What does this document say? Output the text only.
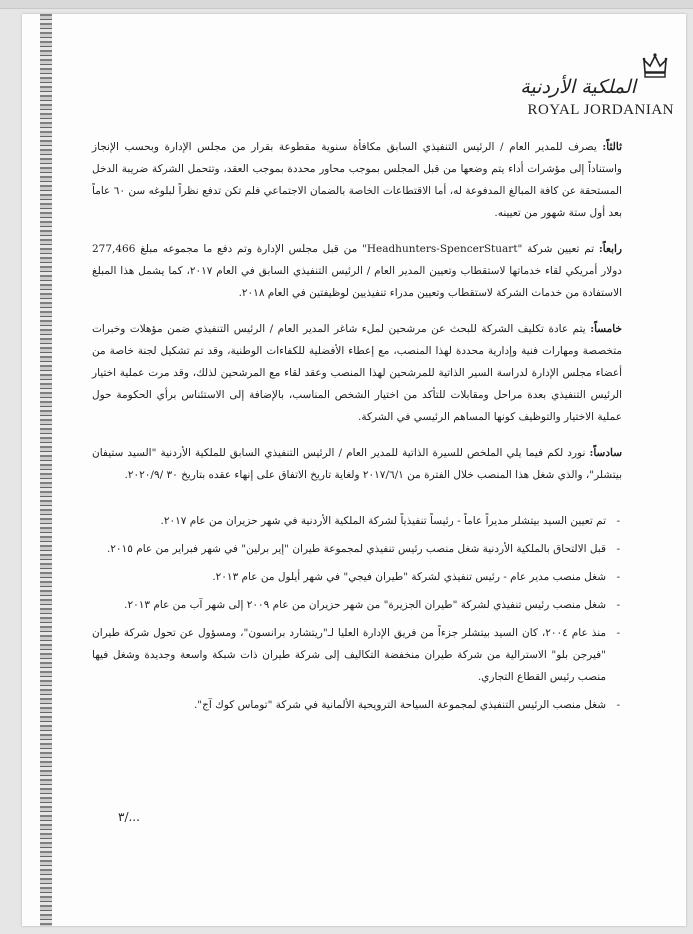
الملكية الأردنية
ROYAL JORDANIAN

ثالثاً: يصرف للمدير العام / الرئيس التنفيذي السابق مكافأة سنوية مقطوعة بقرار من مجلس الإدارة وبحسب الإنجاز واستناداً إلى مؤشرات أداء يتم وضعها من قبل المجلس بموجب محاور محددة بموجب العقد، وتتحمل الشركة ضريبة الدخل المستحقة عن كافة المبالغ المدفوعة له، أما الاقتطاعات الخاصة بالضمان الاجتماعي فلم تكن تدفع نظراً لبلوغه سن ٦٠ عاماً بعد أول ستة شهور من تعيينه.

رابعاً: تم تعيين شركة "Headhunters-SpencerStuart" من قبل مجلس الإدارة وتم دفع ما مجموعه مبلغ 277,466 دولار أمريكي لقاء خدماتها لاستقطاب وتعيين المدير العام / الرئيس التنفيذي السابق في العام ٢٠١٧، كما يشمل هذا المبلغ الاستفادة من خدمات الشركة لاستقطاب وتعيين مدراء تنفيذيين لوظيفتين في العام ٢٠١٨.

خامساً: يتم عادة تكليف الشركة للبحث عن مرشحين لملء شاغر المدير العام / الرئيس التنفيذي ضمن مؤهلات وخبرات متخصصة ومهارات فنية وإدارية محددة لهذا المنصب، مع إعطاء الأفضلية للكفاءات الوطنية، وقد تم تشكيل لجنة خاصة من أعضاء مجلس الإدارة لدراسة السير الذاتية للمرشحين لهذا المنصب وعقد لقاء مع المرشحين لذلك، وقد مرت عملية اختيار الرئيس التنفيذي بعدة مراحل ومقابلات للتأكد من اختيار الشخص المناسب، بالإضافة إلى الاستئناس برأي الحكومة حول عملية الاختيار والتوظيف كونها المساهم الرئيسي في الشركة.

سادساً: نورد لكم فيما يلي الملخص للسيرة الذاتية للمدير العام / الرئيس التنفيذي السابق للملكية الأردنية "السيد ستيفان بيتشلر"، والذي شغل هذا المنصب خلال الفترة من ٢٠١٧/٦/١ ولغاية تاريخ الاتفاق على إنهاء عقده بتاريخ ٣٠ /٢٠٢٠/٩.

- تم تعيين السيد بيتشلر مديراً عاماً - رئيساً تنفيذياً لشركة الملكية الأردنية في شهر حزيران من عام ٢٠١٧.
- قبل الالتحاق بالملكية الأردنية شغل منصب رئيس تنفيذي لمجموعة طيران "إير برلين" في شهر فبراير من عام ٢٠١٥.
- شغل منصب مدير عام - رئيس تنفيذي لشركة "طيران فيجي" في شهر أيلول من عام ٢٠١٣.
- شغل منصب رئيس تنفيذي لشركة "طيران الجزيرة" من شهر حزيران من عام ٢٠٠٩ إلى شهر آب من عام ٢٠١٣.
- منذ عام ٢٠٠٤، كان السيد بيتشلر جزءاً من فريق الإدارة العليا لـ"ريتشارد برانسون"، ومسؤول عن تحول شركة طيران "فيرجن بلو" الاسترالية من شركة طيران منخفضة التكاليف إلى شركة طيران ذات شبكة واسعة وجديدة وشغل فيها منصب رئيس القطاع التجاري.
- شغل منصب الرئيس التنفيذي لمجموعة السياحة الترويحية الألمانية في شركة "توماس كوك آج".
٣/...
